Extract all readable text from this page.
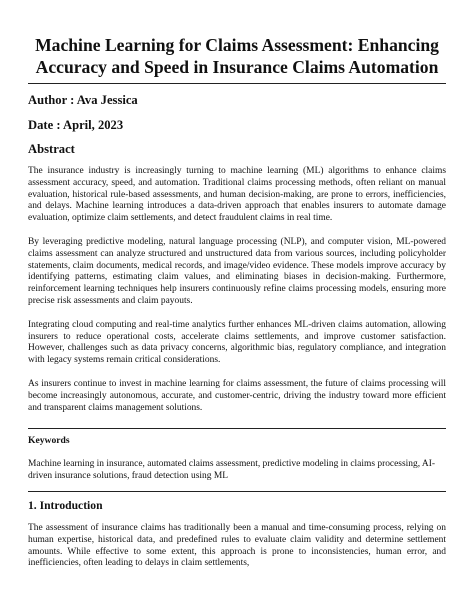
Machine Learning for Claims Assessment: Enhancing Accuracy and Speed in Insurance Claims Automation
Author : Ava Jessica
Date : April, 2023
Abstract

The insurance industry is increasingly turning to machine learning (ML) algorithms to enhance claims assessment accuracy, speed, and automation. Traditional claims processing methods, often reliant on manual evaluation, historical rule-based assessments, and human decision-making, are prone to errors, inefficiencies, and delays. Machine learning introduces a data-driven approach that enables insurers to automate damage evaluation, optimize claim settlements, and detect fraudulent claims in real time.

By leveraging predictive modeling, natural language processing (NLP), and computer vision, ML-powered claims assessment can analyze structured and unstructured data from various sources, including policyholder statements, claim documents, medical records, and image/video evidence. These models improve accuracy by identifying patterns, estimating claim values, and eliminating biases in decision-making. Furthermore, reinforcement learning techniques help insurers continuously refine claims processing models, ensuring more precise risk assessments and claim payouts.

Integrating cloud computing and real-time analytics further enhances ML-driven claims automation, allowing insurers to reduce operational costs, accelerate claims settlements, and improve customer satisfaction. However, challenges such as data privacy concerns, algorithmic bias, regulatory compliance, and integration with legacy systems remain critical considerations.

As insurers continue to invest in machine learning for claims assessment, the future of claims processing will become increasingly autonomous, accurate, and customer-centric, driving the industry toward more efficient and transparent claims management solutions.

Keywords

Machine learning in insurance, automated claims assessment, predictive modeling in claims processing, AI-driven insurance solutions, fraud detection using ML

1. Introduction

The assessment of insurance claims has traditionally been a manual and time-consuming process, relying on human expertise, historical data, and predefined rules to evaluate claim validity and determine settlement amounts. While effective to some extent, this approach is prone to inconsistencies, human error, and inefficiencies, often leading to delays in claim settlements,
